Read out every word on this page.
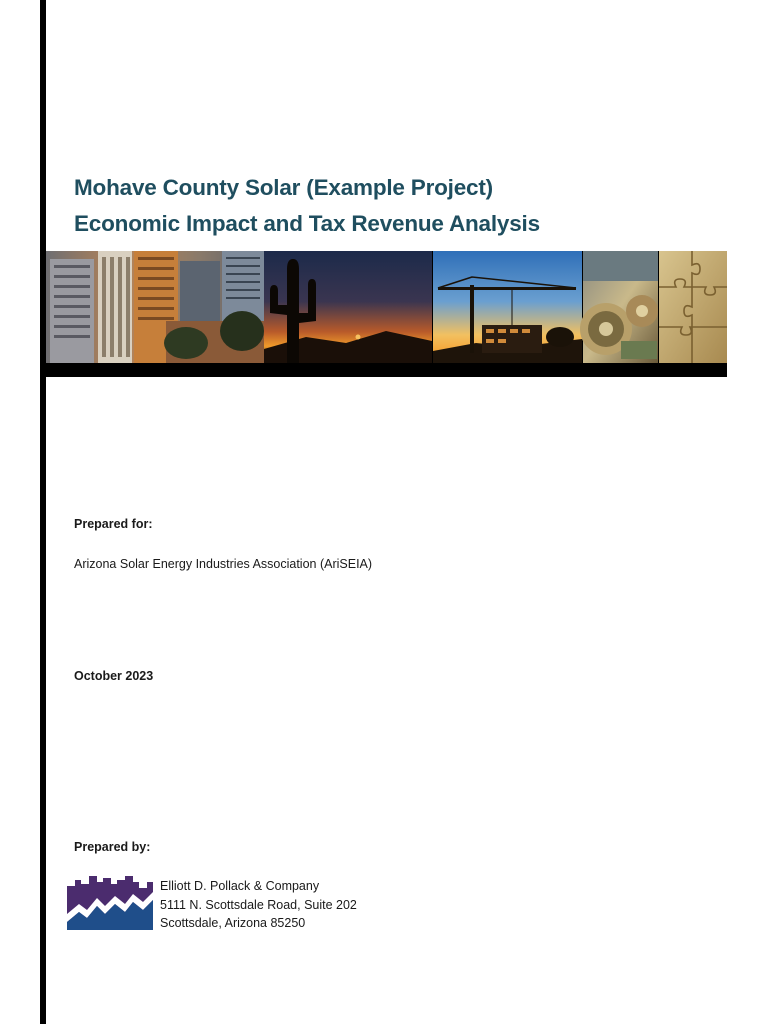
Mohave County Solar (Example Project)
Economic Impact and Tax Revenue Analysis
Prepared for:
Arizona Solar Energy Industries Association (AriSEIA)
October 2023
Prepared by:
Elliott D. Pollack & Company
5111 N. Scottsdale Road, Suite 202
Scottsdale, Arizona 85250
